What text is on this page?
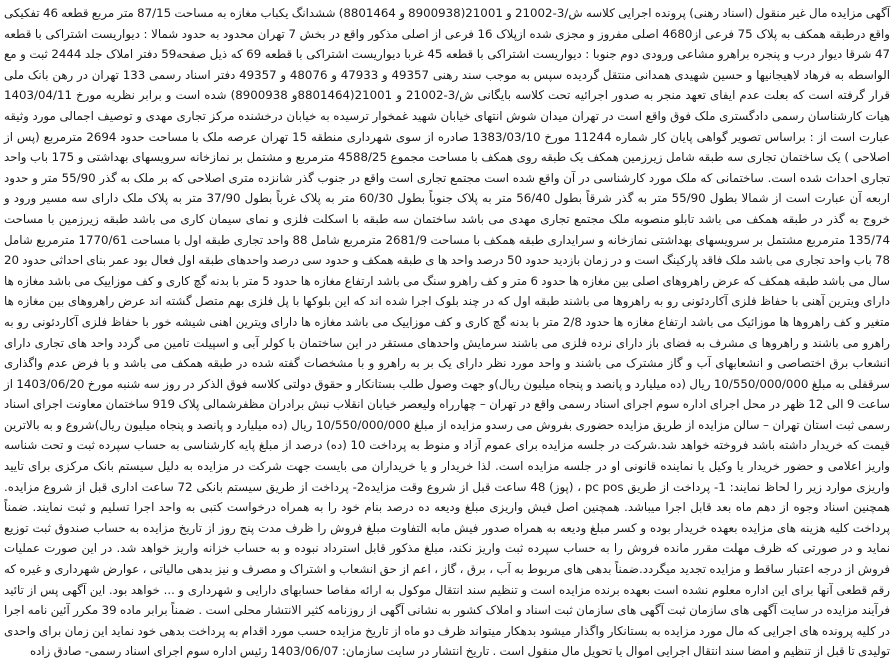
آگهی مزایده مال غیر منقول (اسناد رهنی) پرونده اجرایی کلاسه ش/3-21002 و 21001(8900938 و 8801464) ششدانگ یکباب مغازه به مساحت 87/15 متر مربع قطعه 46 تفکیکی واقع درطبقه همکف به پلاک 75 فرعی از4680 اصلی مفروز و مجزی شده ازپلاک 16 فرعی از اصلی مذکور واقع در بخش 7 تهران محدود به حدود شمالا : دیواریست اشتراکی با قطعه 47 شرقا دیوار درب و پنجره براهرو مشاعی ورودی دوم جنوبا : دیواریست اشتراکی با قطعه 45 غربا دیواریست اشتراکی با قطعه 69 که ذیل صفحه59 دفتر املاک جلد 2444 ثبت و مع الواسطه به فرهاد لاهیجانیها و حسین شهیدی همدانی منتقل گردیده سپس به موجب سند رهنی 49357 و 47933 و 48076 و 49357 دفتر اسناد رسمی 133 تهران در رهن بانک ملی قرار گرفته است که بعلت عدم ایفای تعهد منجر به صدور اجرائیه تحت کلاسه بایگانی ش/3-21002 و 21001(8801464و 8900938) شده است و برابر نظریه مورخ 1403/04/11 هیات کارشناسان رسمی دادگستری ملک فوق واقع است در تهران میدان شوش انتهای خیابان شهید غمخوار ترسیده به خیابان درخشنده مرکز تجاری مهدی و توصیف اجمالی مورد وثیقه عبارت است از : براساس تصویر گواهی پایان کار شماره 11244 مورخ 1383/03/10 صادره از سوی شهرداری منطقه 15 تهران عرصه ملک با مساحت حدود 2694 مترمربع (پس از اصلاحی ) یک ساختمان تجاری سه طبقه شامل زیرزمین همکف یک طبقه روی همکف با مساحت مجموع 4588/25 مترمربع و مشتمل بر نمازخانه سرویسهای بهداشتی و 175 باب واحد تجاری احداث شده است. ساختمانی که ملک مورد کارشناسی در آن واقع شده است مجتمع تجاری است واقع در جنوب گذر شانزده متری اصلاحی که بر ملک به گذر 55/90 متر و حدود اربعه آن عبارت است از شمالا بطول 55/90 متر به گذر شرقاً بطول 56/40 متر به پلاک جنوباً بطول 60/30 متر به پلاک غرباً بطول 37/90 متر به پلاک ملک دارای سه مسیر ورود و خروج به گذر در طبقه همکف می باشد تابلو منصوبه ملک مجتمع تجاری مهدی می باشد ساختمان سه طبقه با اسکلت فلزی و نمای سیمان کاری می باشد طبقه زیرزمین با مساحت 135/74 مترمربع مشتمل بر سرویسهای بهداشتی نمازخانه و سرایداری طبقه همکف با مساحت 2681/9 مترمربع شامل 88 واحد تجاری طبقه اول با مساحت 1770/61 مترمربع شامل 78 باب واحد تجاری می باشد ملک فاقد پارکینگ است و در زمان بازدید حدود 50 درصد واحد ها ی طبقه همکف و حدود سی درصد واحدهای طبقه اول فعال بود عمر بنای احداثی حدود 20 سال می باشد طبقه همکف که عرض راهروهای اصلی بین مغازه ها حدود 6 متر و کف راهرو سنگ می باشد ارتفاع مغازه ها حدود 5 متر با بدنه گچ کاری و کف موزاییک می باشد مغازه ها دارای ویترین آهنی با حفاظ فلزی آکاردئونی رو به راهروها می باشند طبقه اول که در چند بلوک اجرا شده اند که این بلوکها با پل فلزی بهم متصل گشته اند عرض راهروهای بین مغازه ها متغیر و کف راهروها ها موزائیک می باشد ارتفاع مغازه ها حدود 2/8 متر با بدنه گچ کاری و کف موزاییک می باشد مغازه ها دارای ویترین اهنی شیشه خور با حفاظ فلزی آکاردئونی رو به راهرو می باشند و راهروها ی مشرف به فضای باز دارای نرده فلزی می باشند سرمایش واحدهای مستقر در این ساختمان با کولر آبی و اسپیلت تامین می گردد واحد های تجاری دارای انشعاب برق اختصاصی و انشعابهای آب و گاز مشترک می باشند و واحد مورد نظر دارای یک بر به راهرو و با مشخصات گفته شده در طبقه همکف می باشد و با فرض عدم واگذاری سرقفلی به مبلغ 10/550/000/000 ریال (ده میلیارد و پانصد و پنجاه میلیون ریال)و جهت وصول طلب بستانکار و حقوق دولتی کلاسه فوق الذکر در روز سه شنبه مورخ 1403/06/20 از ساعت 9 الی 12 ظهر در محل اجرای اداره سوم اجرای اسناد رسمی واقع در تهران – چهارراه ولیعصر خیابان انقلاب نبش برادران مظفرشمالی پلاک 919 ساختمان معاونت اجرای اسناد رسمی ثبت استان تهران – سالن مزایده از طریق مزایده حضوری بفروش می رسدو مزایده از مبلغ 10/550/000/000 ریال (ده میلیارد و پانصد و پنجاه میلیون ریال)شروع و به بالاترین قیمت که خریدار داشته باشد فروخته خواهد شد.شرکت در جلسه مزایده برای عموم آزاد و منوط به پرداخت 10 (ده) درصد از مبلغ پایه کارشناسی به حساب سپرده ثبت و تحت شناسه واریز اعلامی و حضور خریدار یا وکیل یا نماینده قانونی او در جلسه مزایده است. لذا خریدار و یا خریداران می بایست جهت شرکت در مزایده به دلیل سیستم بانک مرکزی برای تایید واریزی موارد زیر را لحاظ نمایند: 1- پرداخت از طریق pc pos ، (پوز) 48 ساعت قبل از شروع وقت مزایده2- پرداخت از طریق سیستم بانکی 72 ساعت اداری قبل از شروع مزایده. همچنین اسناد وجوه از دهم ماه بعد قابل اجرا میباشد. همچنین اصل فیش واریزی مبلغ ودیعه ده درصد بنام خود را به همراه درخواست کتبی به واحد اجرا تسلیم و ثبت نمایند. ضمناً پرداخت کلیه هزینه های مزایده بعهده خریدار بوده و کسر مبلغ ودیعه به همراه صدور فیش مابه التفاوت مبلغ فروش را ظرف مدت پنج روز از تاریخ مزایده به حساب صندوق ثبت توزیع نماید و در صورتی که ظرف مهلت مقرر مانده فروش را به حساب سپرده ثبت واریز نکند، مبلغ مذکور قابل استرداد نبوده و به حساب خزانه واریز خواهد شد. در این صورت عملیات فروش از درجه اعتبار ساقط و مزایده تجدید میگردد.ضمناً بدهی های مربوط به آب ، برق ، گاز ، اعم از حق انشعاب و اشتراک و مصرف و نیز بدهی مالیاتی ، عوارض شهرداری و غیره که رقم قطعی آنها برای این اداره معلوم نشده است بعهده برنده مزایده است و تنظیم سند انتقال موکول به ارائه مفاصا حسابهای دارایی و شهرداری و ... خواهد بود. این آگهی پس از تائید فرآیند مزایده در سایت آگهی های سازمان ثبت آگهی های سازمان ثبت اسناد و املاک کشور به نشانی آگهی از روزنامه کثیر الانتشار محلی است . ضمناً برابر ماده 39 مکرر آئین نامه اجرا در کلیه پرونده های اجرایی که مال مورد مزایده به بستانکار واگذار میشود بدهکار میتواند ظرف دو ماه از تاریخ مزایده حسب مورد اقدام به پرداخت بدهی خود نماید این زمان برای واحدی تولیدی تا قبل از تنظیم و امضا سند انتقال اجرایی اموال یا تحویل مال منقول است . تاریخ انتشار در سایت سازمان: 1403/06/07 رئیس اداره سوم اجرای اسناد رسمی- صادق زاده
